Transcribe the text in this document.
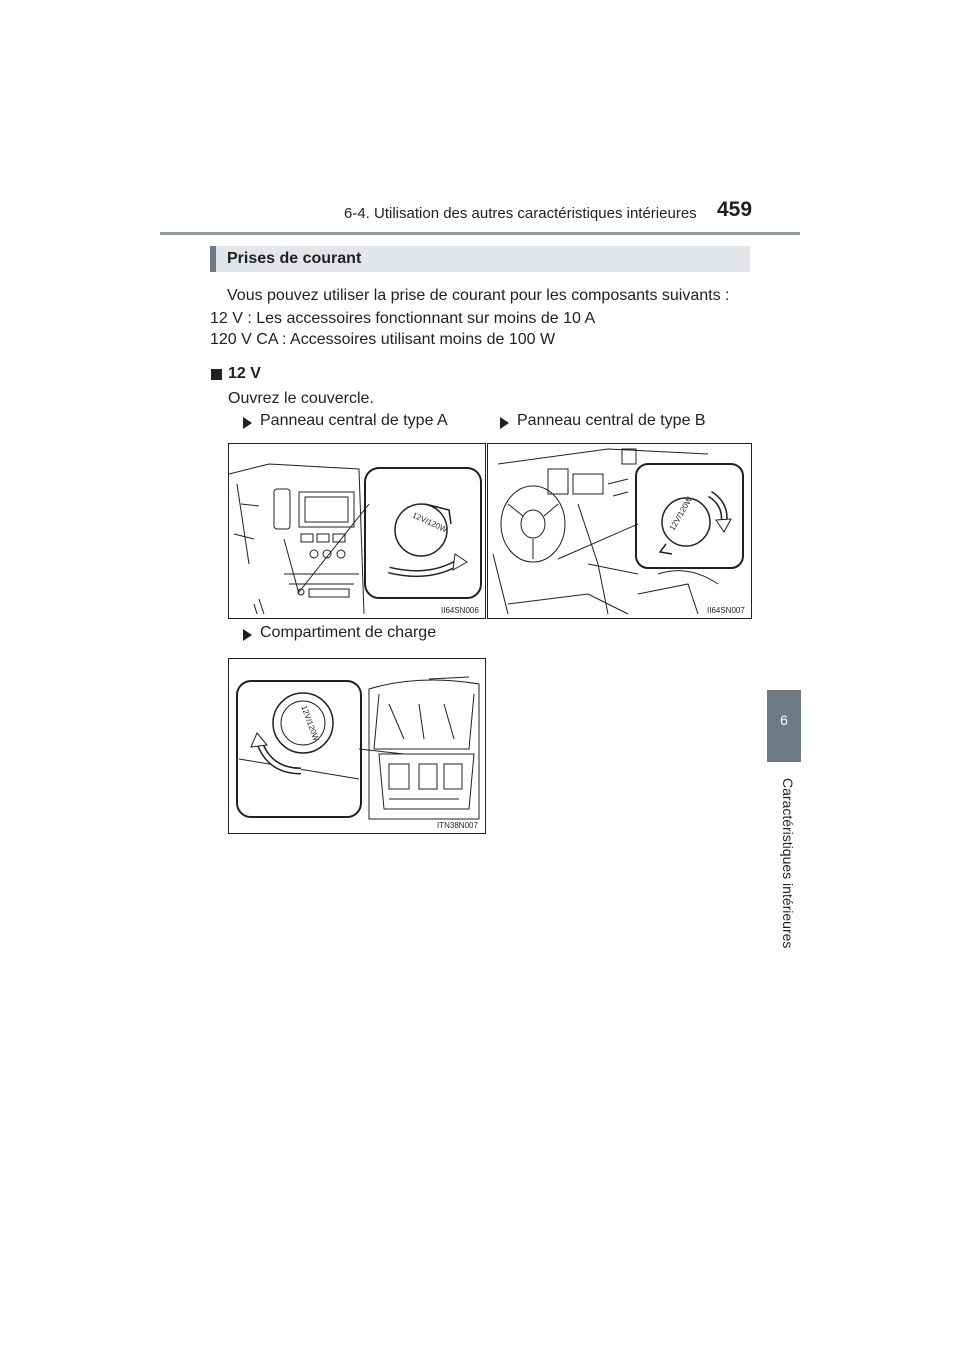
6-4. Utilisation des autres caractéristiques intérieures 459
6
Caractéristiques intérieures
Prises de courant
Vous pouvez utiliser la prise de courant pour les composants suivants :
12 V : Les accessoires fonctionnant sur moins de 10 A
120 V CA : Accessoires utilisant moins de 100 W
12 V
Ouvrez le couvercle.
Panneau central de type A	Panneau central de type B
Compartiment de charge
12V/120W
II64SN006
12V/120W
II64SN007
12V/120W
ITN38N007
